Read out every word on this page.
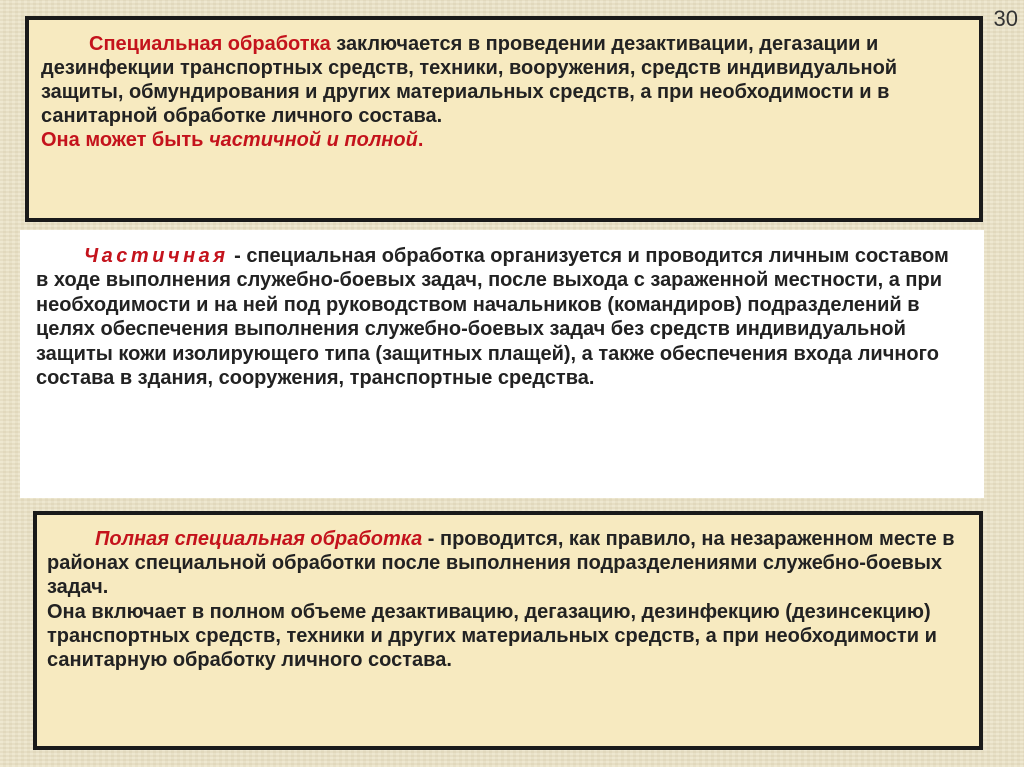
30

Специальная обработка заключается в проведении дезактивации, дегазации и дезинфекции транспортных средств, техники, вооружения, средств индивидуальной защиты, обмундирования и других материальных средств, а при необходимости и в санитарной обработке личного состава.

Она может быть частичной и полной.

Частичная - специальная обработка организуется и проводится личным составом в ходе выполнения служебно-боевых задач, после выхода с зараженной местности, а при необходимости и на ней под руководством начальников (командиров) подразделений в целях обеспечения выполнения служебно-боевых задач без средств индивидуальной защиты кожи изолирующего типа (защитных плащей), а также обеспечения входа личного состава в здания, сооружения, транспортные средства.

Полная специальная обработка - проводится, как правило, на незараженном месте в районах специальной обработки после выполнения подразделениями служебно-боевых задач.

Она включает в полном объеме дезактивацию, дегазацию, дезинфекцию (дезинсекцию) транспортных средств, техники и других материальных средств, а при необходимости и санитарную обработку личного состава.
